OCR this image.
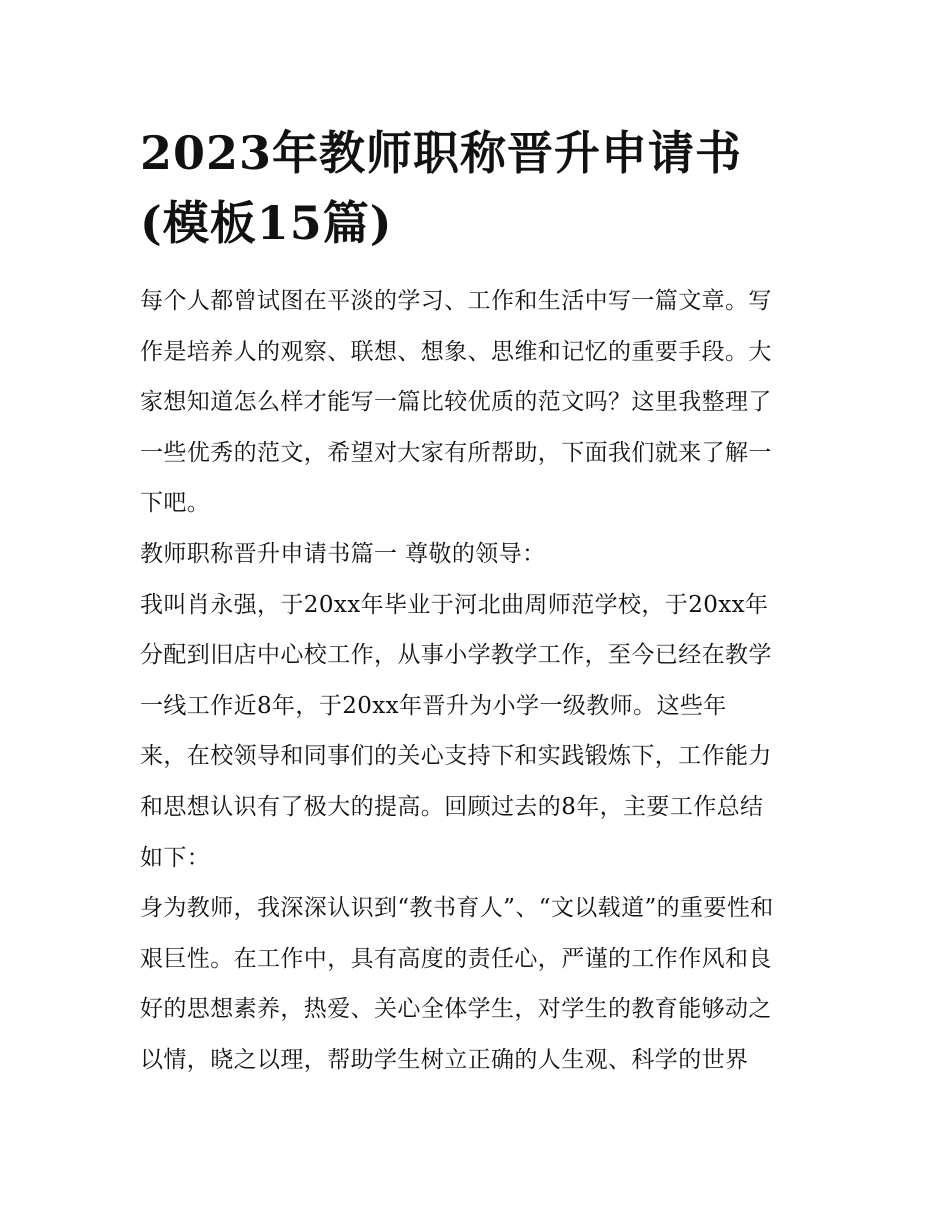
2023年教师职称晋升申请书
(模板15篇)
每个人都曾试图在平淡的学习、工作和生活中写一篇文章。写
作是培养人的观察、联想、想象、思维和记忆的重要手段。大
家想知道怎么样才能写一篇比较优质的范文吗？这里我整理了
一些优秀的范文，希望对大家有所帮助，下面我们就来了解一
下吧。
教师职称晋升申请书篇一 尊敬的领导：
我叫肖永强，于20xx年毕业于河北曲周师范学校，于20xx年
分配到旧店中心校工作，从事小学教学工作，至今已经在教学
一线工作近8年，于20xx年晋升为小学一级教师。这些年
来，在校领导和同事们的关心支持下和实践锻炼下，工作能力
和思想认识有了极大的提高。回顾过去的8年，主要工作总结
如下：
身为教师，我深深认识到“教书育人”、“文以载道”的重要性和
艰巨性。在工作中，具有高度的责任心，严谨的工作作风和良
好的思想素养，热爱、关心全体学生，对学生的教育能够动之
以情，晓之以理，帮助学生树立正确的人生观、科学的世界
